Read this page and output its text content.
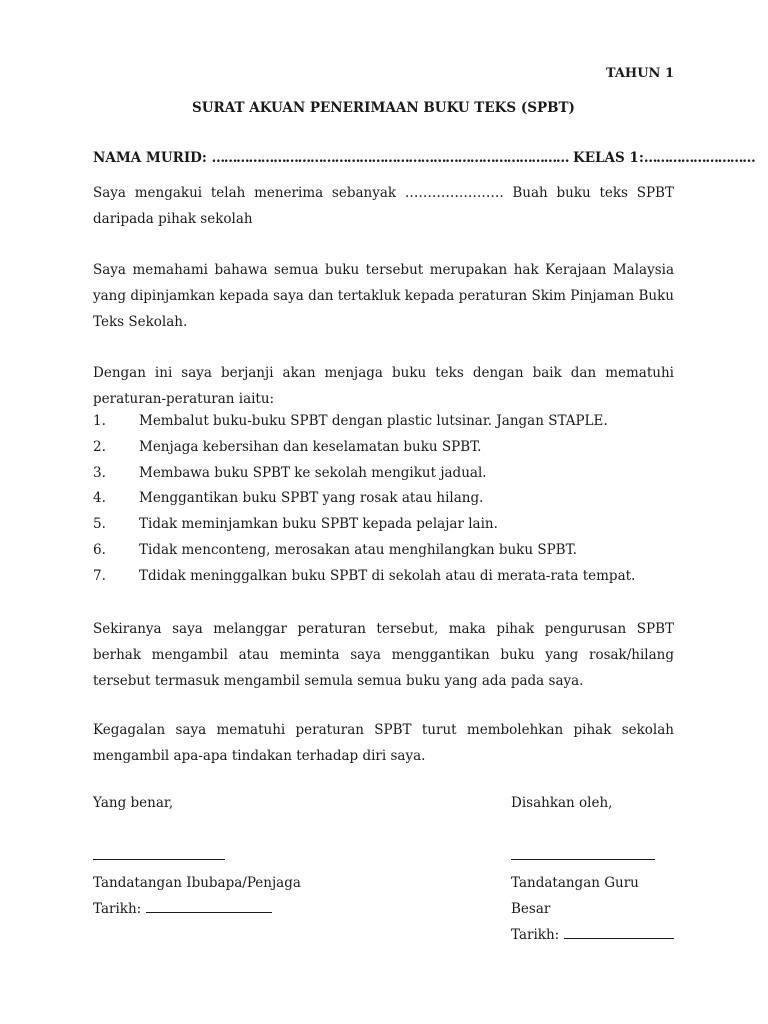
TAHUN 1
SURAT AKUAN PENERIMAAN BUKU TEKS (SPBT)
NAMA MURID: …………………………………………………………………………… KELAS 1:………………………

Saya mengakui telah menerima sebanyak …………………. Buah buku teks SPBT daripada pihak sekolah

Saya memahami bahawa semua buku tersebut merupakan hak Kerajaan Malaysia yang dipinjamkan kepada saya dan tertakluk kepada peraturan Skim Pinjaman Buku Teks Sekolah.

Dengan ini saya berjanji akan menjaga buku teks dengan baik dan mematuhi peraturan-peraturan iaitu:

1. Membalut buku-buku SPBT dengan plastic lutsinar. Jangan STAPLE.
2. Menjaga kebersihan dan keselamatan buku SPBT.
3. Membawa buku SPBT ke sekolah mengikut jadual.
4. Menggantikan buku SPBT yang rosak atau hilang.
5. Tidak meminjamkan buku SPBT kepada pelajar lain.
6. Tidak menconteng, merosakan atau menghilangkan buku SPBT.
7. Tdidak meninggalkan buku SPBT di sekolah atau di merata-rata tempat.

Sekiranya saya melanggar peraturan tersebut, maka pihak pengurusan SPBT berhak mengambil atau meminta saya menggantikan buku yang rosak/hilang tersebut termasuk mengambil semula semua buku yang ada pada saya.

Kegagalan saya mematuhi peraturan SPBT turut membolehkan pihak sekolah mengambil apa-apa tindakan terhadap diri saya.

Yang benar,
Tandatangan Ibubapa/Penjaga
Tarikh:
Disahkan oleh,
Tandatangan Guru Besar
Tarikh:
